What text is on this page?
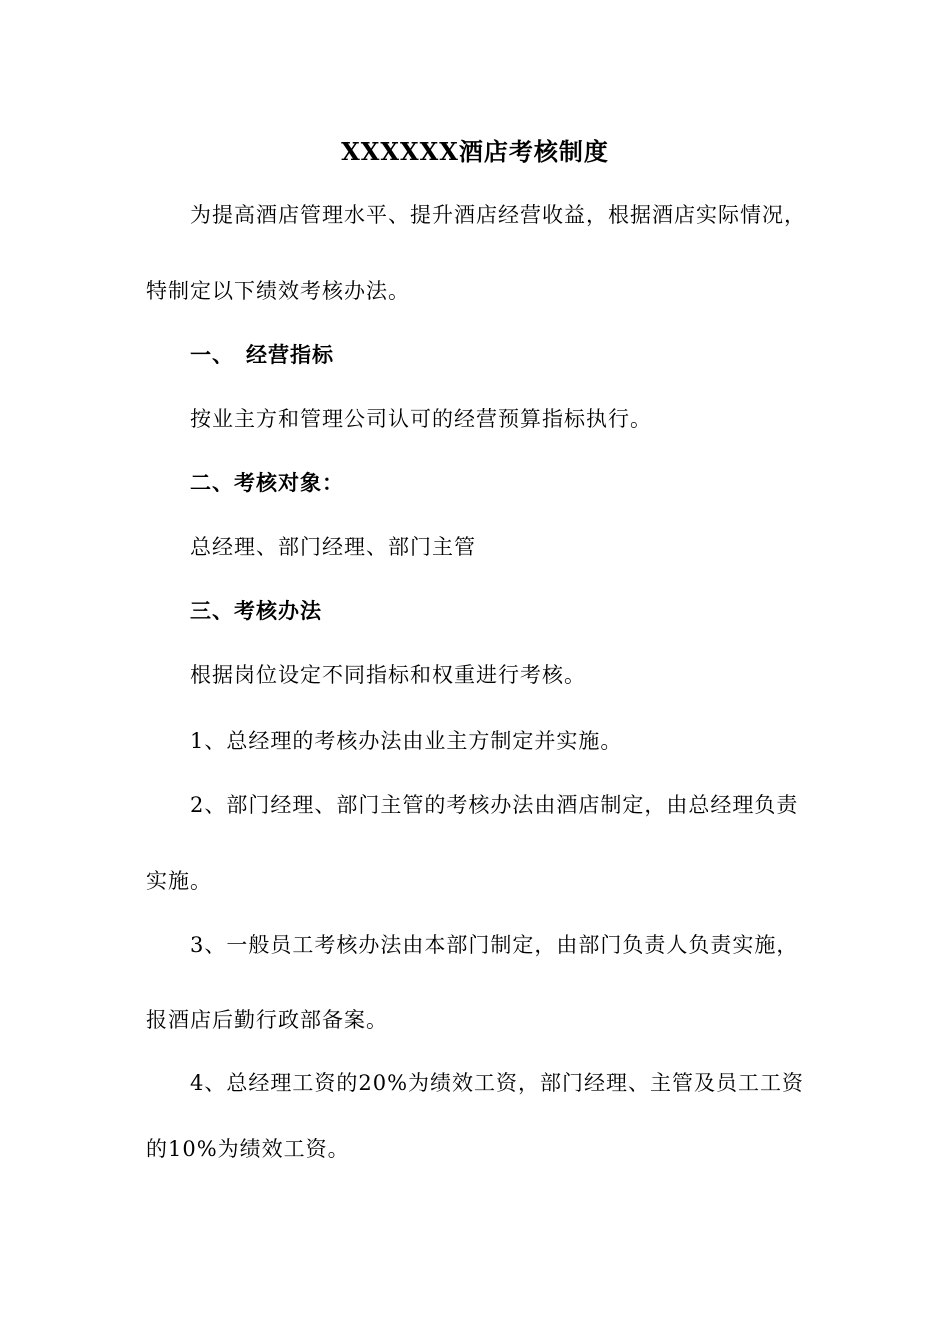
XXXXXX酒店考核制度

为提高酒店管理水平、提升酒店经营收益，根据酒店实际情况，

特制定以下绩效考核办法。

一、 经营指标

按业主方和管理公司认可的经营预算指标执行。

二、考核对象：

总经理、部门经理、部门主管

三、考核办法

根据岗位设定不同指标和权重进行考核。

1、总经理的考核办法由业主方制定并实施。

2、部门经理、部门主管的考核办法由酒店制定，由总经理负责

实施。

3、一般员工考核办法由本部门制定，由部门负责人负责实施，

报酒店后勤行政部备案。

4、总经理工资的20%为绩效工资，部门经理、主管及员工工资

的10%为绩效工资。
